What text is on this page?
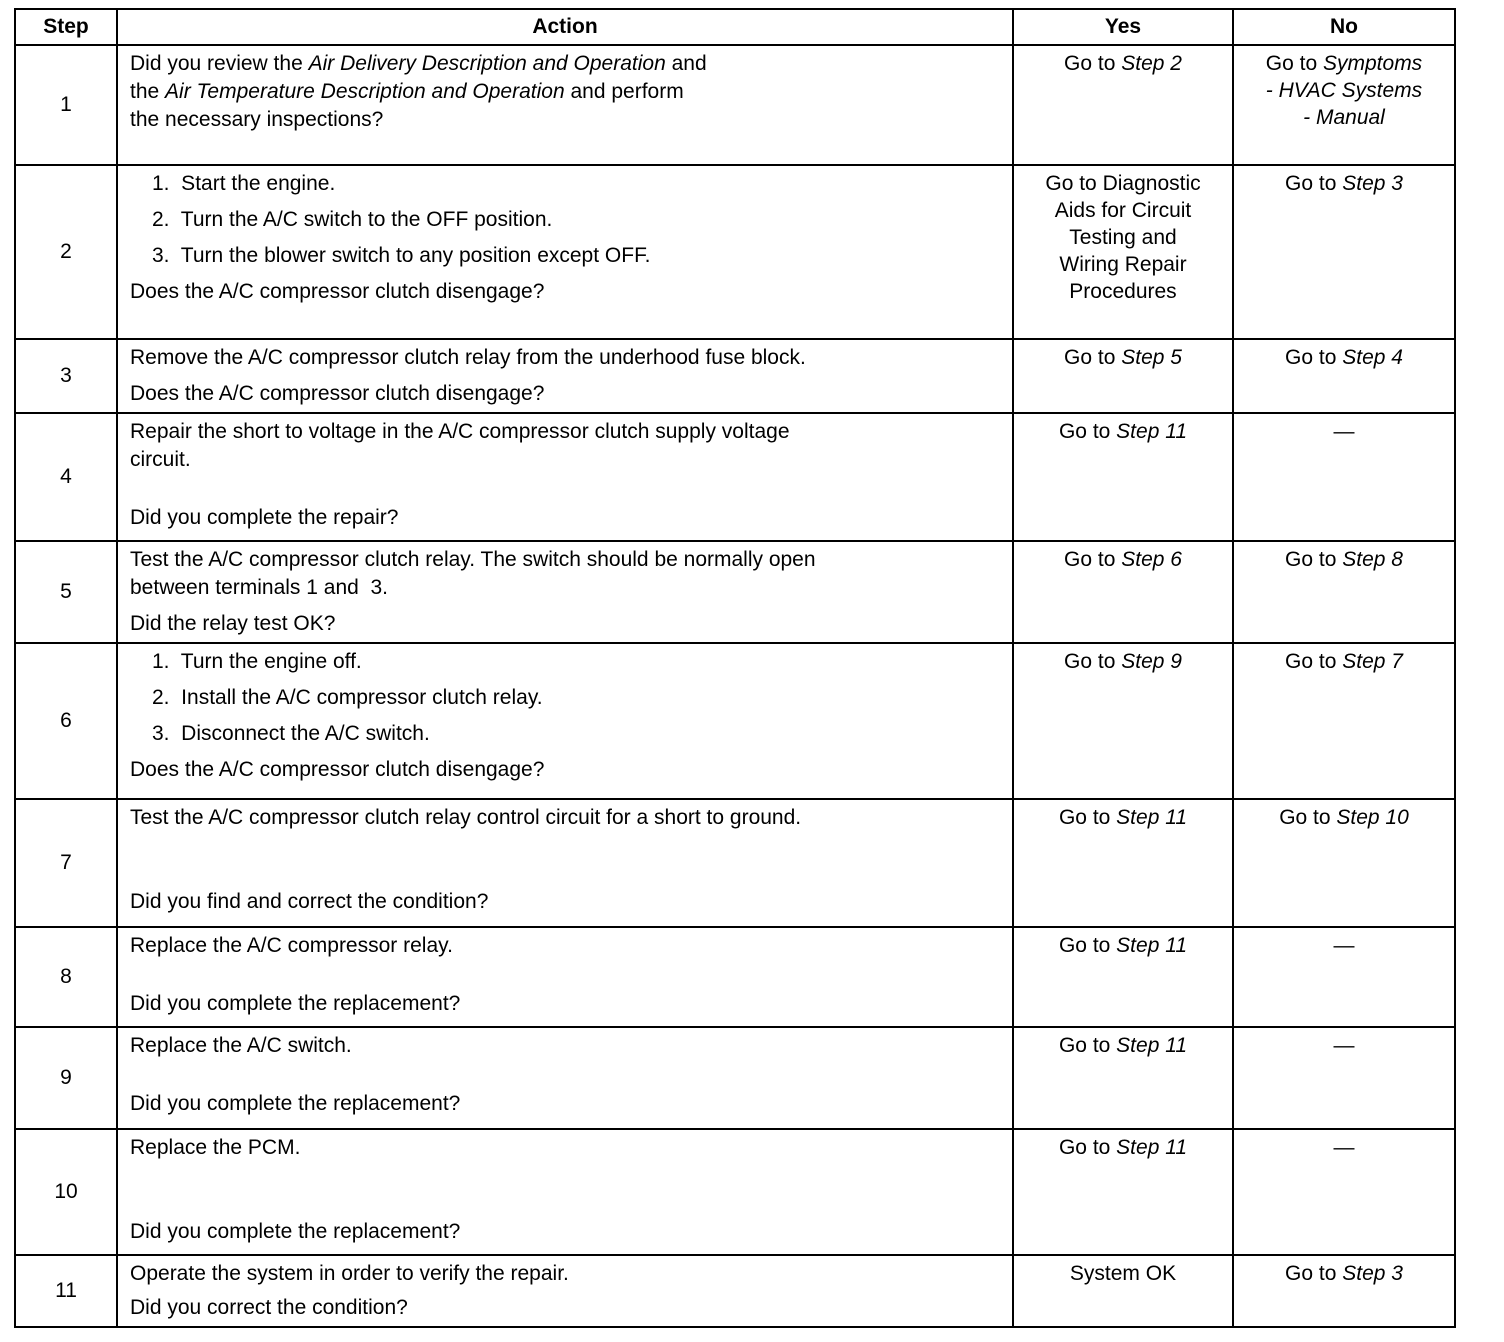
Step	Action	Yes	No
1	Did you review the Air Delivery Description and Operation and
the Air Temperature Description and Operation and perform
the necessary inspections?	Go to Step 2	Go to Symptoms
- HVAC Systems
- Manual

2	1.  Start the engine.
2.  Turn the A/C switch to the OFF position.
3.  Turn the blower switch to any position except OFF.
Does the A/C compressor clutch disengage?	Go to Diagnostic
Aids for Circuit
Testing and
Wiring Repair
Procedures	Go to Step 3

3	Remove the A/C compressor clutch relay from the underhood fuse block.
Does the A/C compressor clutch disengage?	Go to Step 5	Go to Step 4

4	Repair the short to voltage in the A/C compressor clutch supply voltage
circuit.
Did you complete the repair?	Go to Step 11	—

5	Test the A/C compressor clutch relay. The switch should be normally open
between terminals 1 and  3.
Did the relay test OK?	Go to Step 6	Go to Step 8

6	1.  Turn the engine off.
2.  Install the A/C compressor clutch relay.
3.  Disconnect the A/C switch.
Does the A/C compressor clutch disengage?	Go to Step 9	Go to Step 7

7	Test the A/C compressor clutch relay control circuit for a short to ground.
Did you find and correct the condition?	Go to Step 11	Go to Step 10

8	Replace the A/C compressor relay.
Did you complete the replacement?	Go to Step 11	—

9	Replace the A/C switch.
Did you complete the replacement?	Go to Step 11	—

10	Replace the PCM.
Did you complete the replacement?	Go to Step 11	—

11	Operate the system in order to verify the repair.
Did you correct the condition?	System OK	Go to Step 3
